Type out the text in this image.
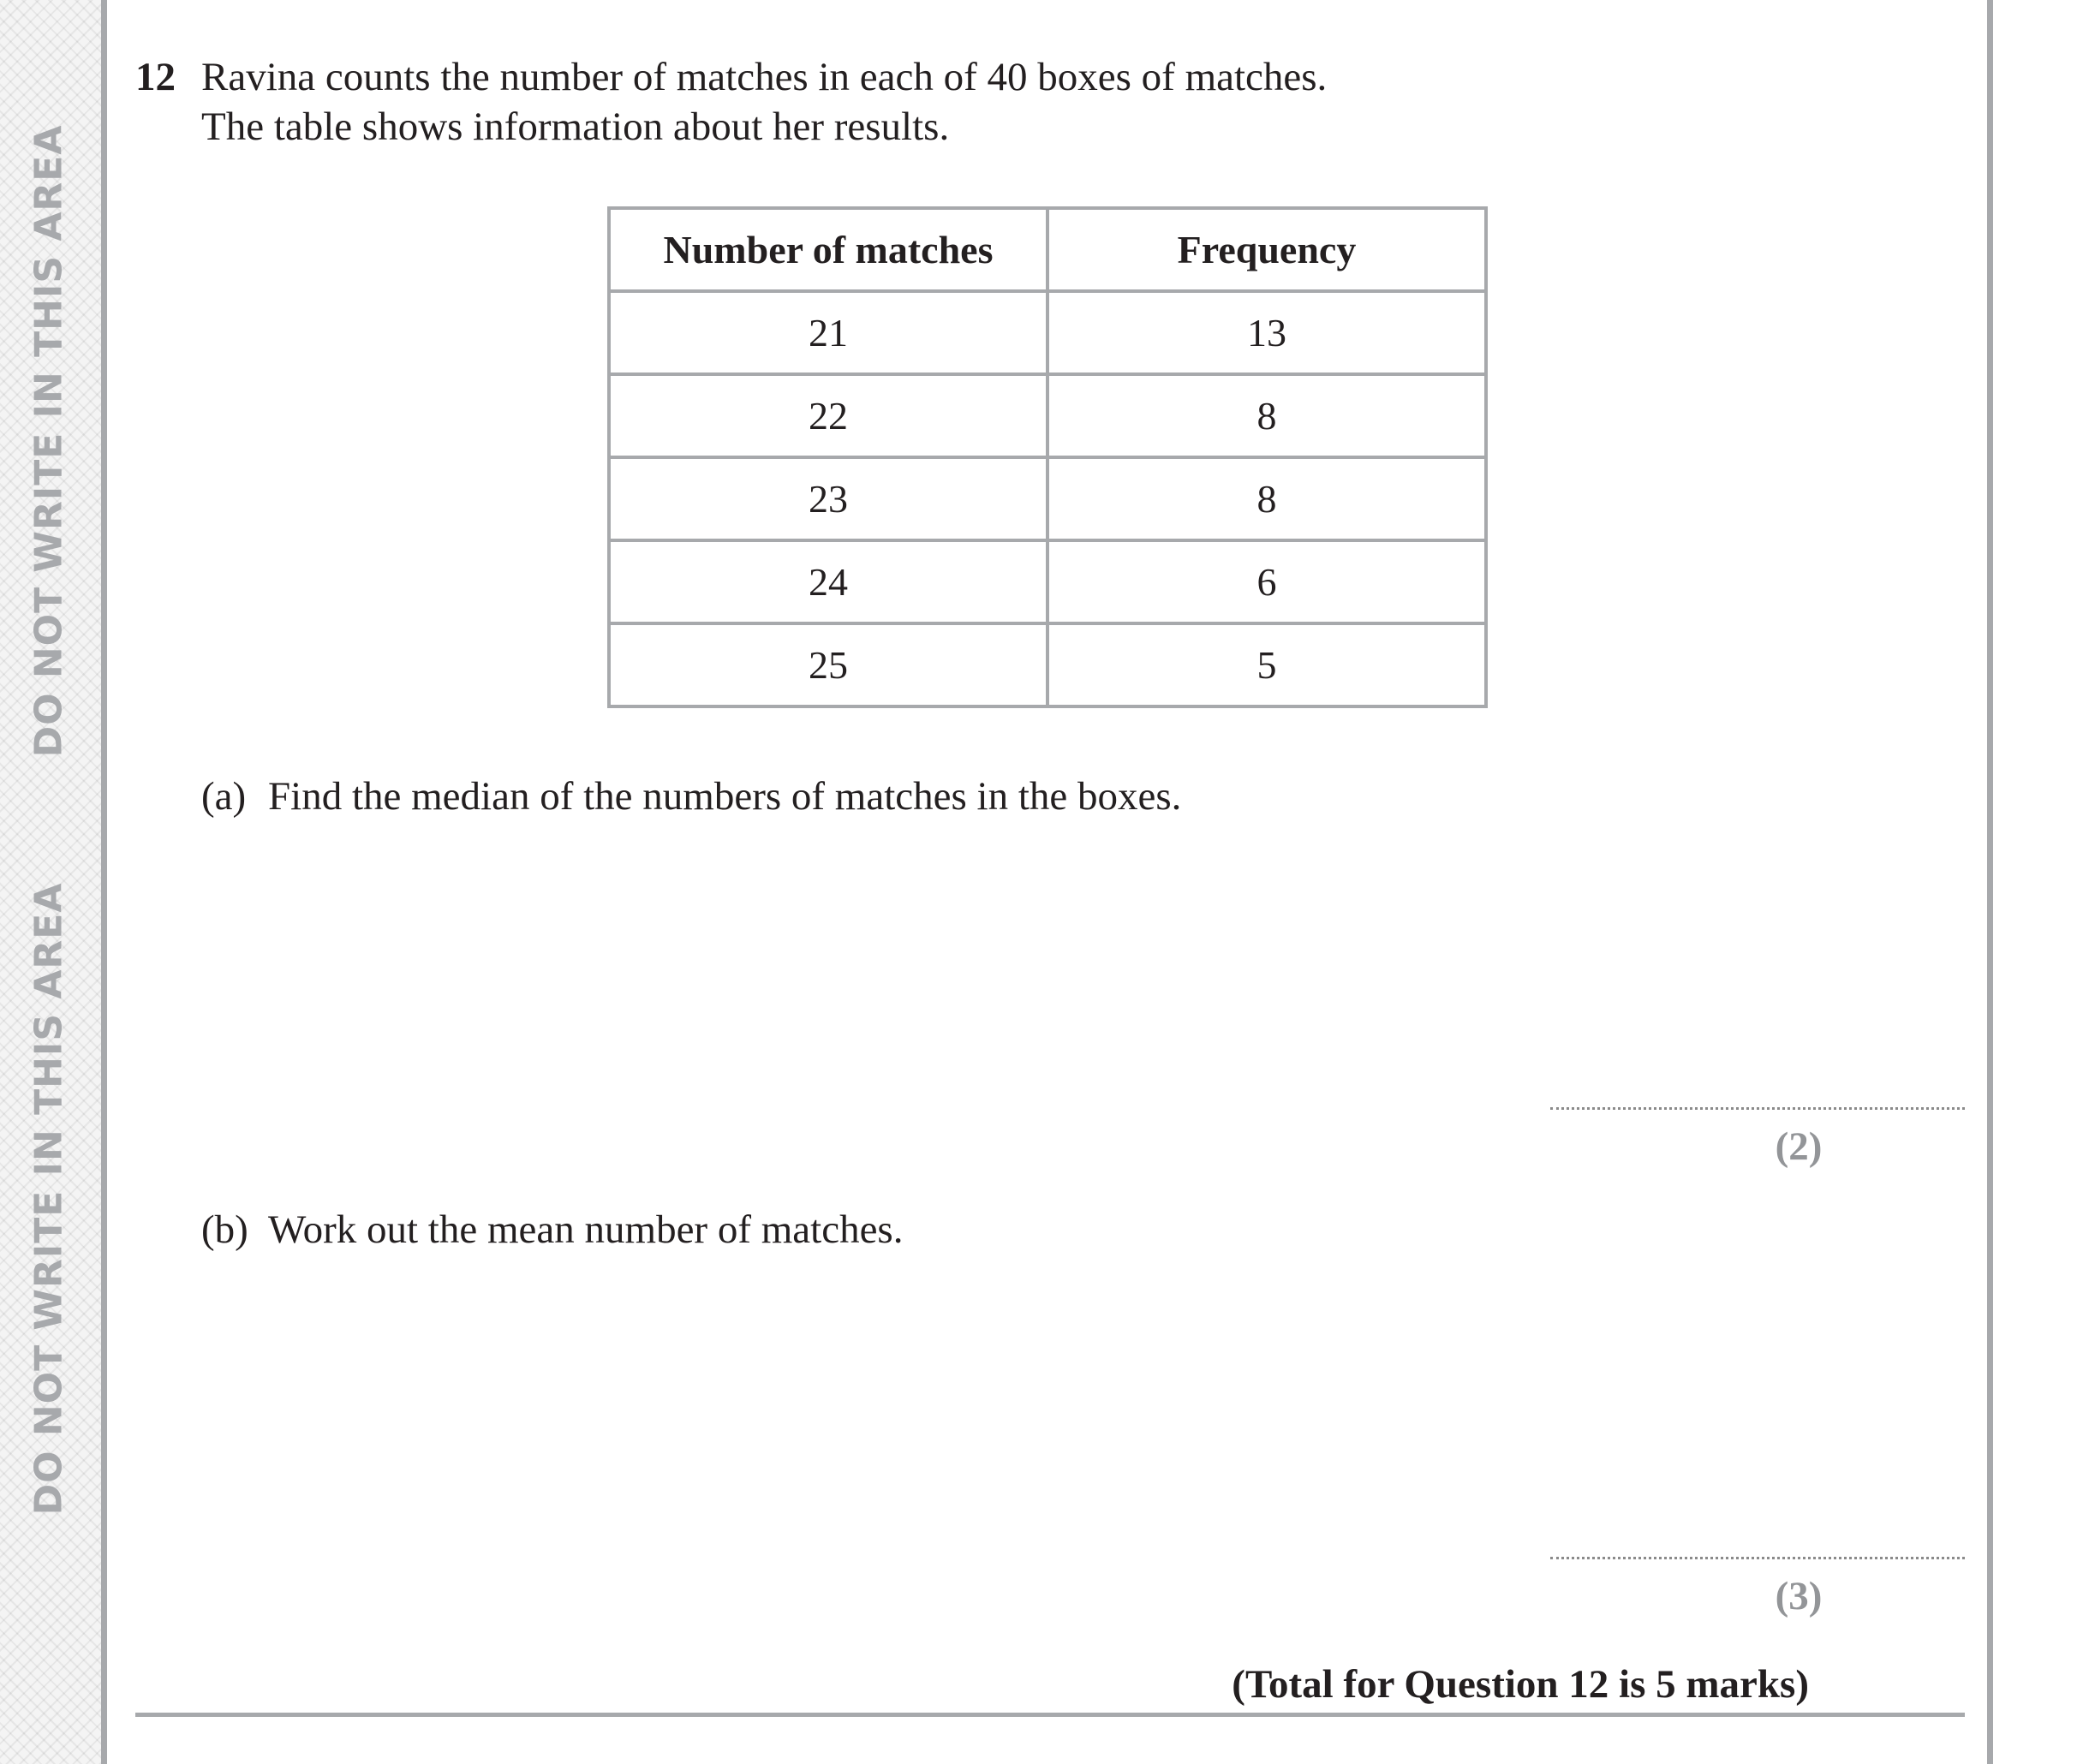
DO NOT WRITE IN THIS AREA
DO NOT WRITE IN THIS AREA
12 Ravina counts the number of matches in each of 40 boxes of matches.
The table shows information about her results.
Number of matches	Frequency
21	13
22	8
23	8
24	6
25	5
(a) Find the median of the numbers of matches in the boxes.
(2)
(b) Work out the mean number of matches.
(3)
(Total for Question 12 is 5 marks)
